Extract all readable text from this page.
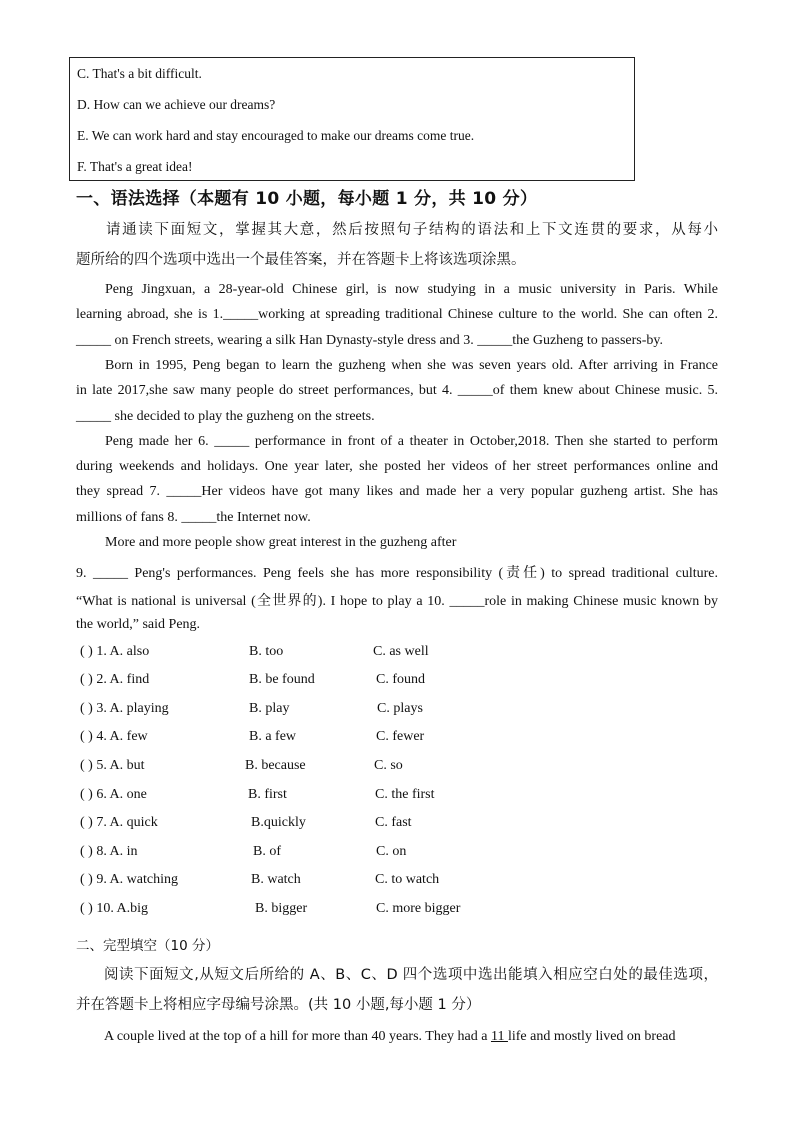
C. That's a bit difficult.
D. How can we achieve our dreams?
E. We can work hard and stay encouraged to make our dreams come true.
F. That's a great idea!
一、语法选择（本题有 10 小题，每小题 1 分，共 10 分）
请通读下面短文，掌握其大意，然后按照句子结构的语法和上下文连贯的要求，从每小
题所给的四个选项中选出一个最佳答案，并在答题卡上将该选项涂黑。
Peng Jingxuan, a 28-year-old Chinese girl, is now studying in a music university in Paris. While
learning abroad, she is 1._____working at spreading traditional Chinese culture to the world. She can often 2.
_____ on French streets, wearing a silk Han Dynasty-style dress and 3. _____the Guzheng to passers-by.
Born in 1995, Peng began to learn the guzheng when she was seven years old. After arriving in France
in late 2017,she saw many people do street performances, but 4. _____of them knew about Chinese music. 5.
_____ she decided to play the guzheng on the streets.
Peng made her 6. _____ performance in front of a theater in October,2018. Then she started to perform
during weekends and holidays. One year later, she posted her videos of her street performances online and
they spread 7. _____Her videos have got many likes and made her a very popular guzheng artist. She has
millions of fans 8. _____the Internet now.
More and more people show great interest in the guzheng after
9. _____ Peng's performances. Peng feels she has more responsibility (责任) to spread traditional culture.
“What is national is universal (全世界的). I hope to play a 10. _____role in making Chinese music known by
the world,” said Peng.
( ) 1. A. also	B. too	C. as well
( ) 2. A. find	B. be found	C. found
( ) 3. A. playing	B. play	C. plays
( ) 4. A. few	B. a few	C. fewer
( ) 5. A. but	B. because	C. so
( ) 6. A. one	B. first	C. the first
( ) 7. A. quick	B.quickly	C. fast
( ) 8. A. in	B. of	C. on
( ) 9. A. watching	B. watch	C. to watch
( ) 10. A.big	B. bigger	C. more bigger
二、完型填空（10 分）
阅读下面短文,从短文后所给的 A、B、C、D 四个选项中选出能填入相应空白处的最佳选项，
并在答题卡上将相应字母编号涂黑。(共 10 小题,每小题 1 分）
A couple lived at the top of a hill for more than 40 years. They had a 11 life and mostly lived on bread
